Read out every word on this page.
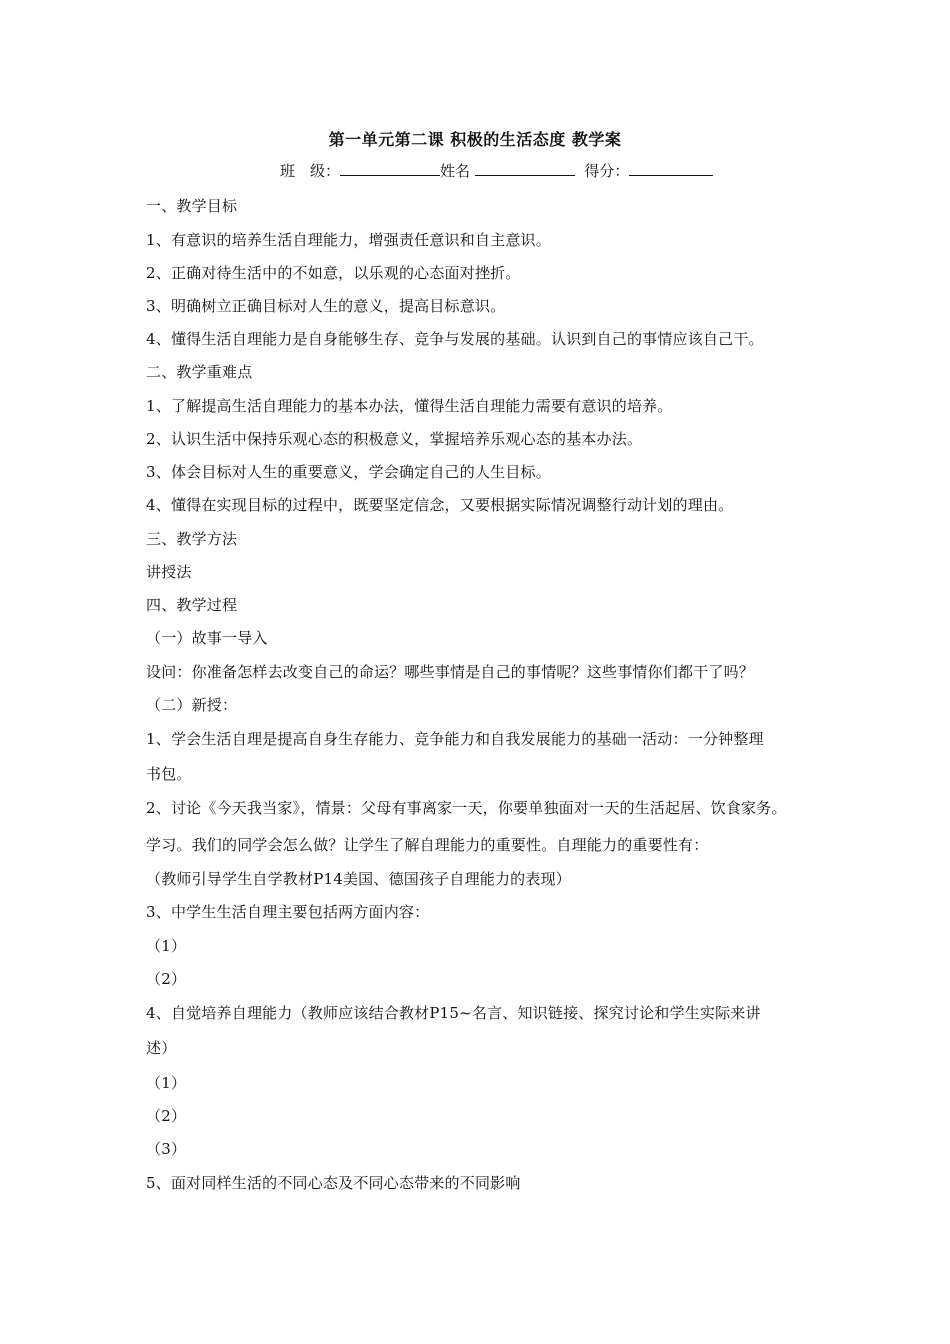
第一单元第二课 积极的生活态度 教学案
班　级：	姓名	得分：
一、教学目标
1、有意识的培养生活自理能力，增强责任意识和自主意识。
2、正确对待生活中的不如意，以乐观的心态面对挫折。
3、明确树立正确目标对人生的意义，提高目标意识。
4、懂得生活自理能力是自身能够生存、竞争与发展的基础。认识到自己的事情应该自己干。
二、教学重难点
1、了解提高生活自理能力的基本办法，懂得生活自理能力需要有意识的培养。
2、认识生活中保持乐观心态的积极意义，掌握培养乐观心态的基本办法。
3、体会目标对人生的重要意义，学会确定自己的人生目标。
4、懂得在实现目标的过程中，既要坚定信念，又要根据实际情况调整行动计划的理由。
三、教学方法
讲授法
四、教学过程
（一）故事一导入
设问：你准备怎样去改变自己的命运？哪些事情是自己的事情呢？这些事情你们都干了吗？
（二）新授：
1、学会生活自理是提高自身生存能力、竞争能力和自我发展能力的基础一活动：一分钟整理
书包。
2、讨论《今天我当家》，情景：父母有事离家一天，你要单独面对一天的生活起居、饮食家务。
学习。我们的同学会怎么做？让学生了解自理能力的重要性。自理能力的重要性有：
（教师引导学生自学教材P14美国、德国孩子自理能力的表现）
3、中学生生活自理主要包括两方面内容：
（1）
（2）
4、自觉培养自理能力（教师应该结合教材P15~名言、知识链接、探究讨论和学生实际来讲
述）
（1）
（2）
（3）
5、面对同样生活的不同心态及不同心态带来的不同影响
